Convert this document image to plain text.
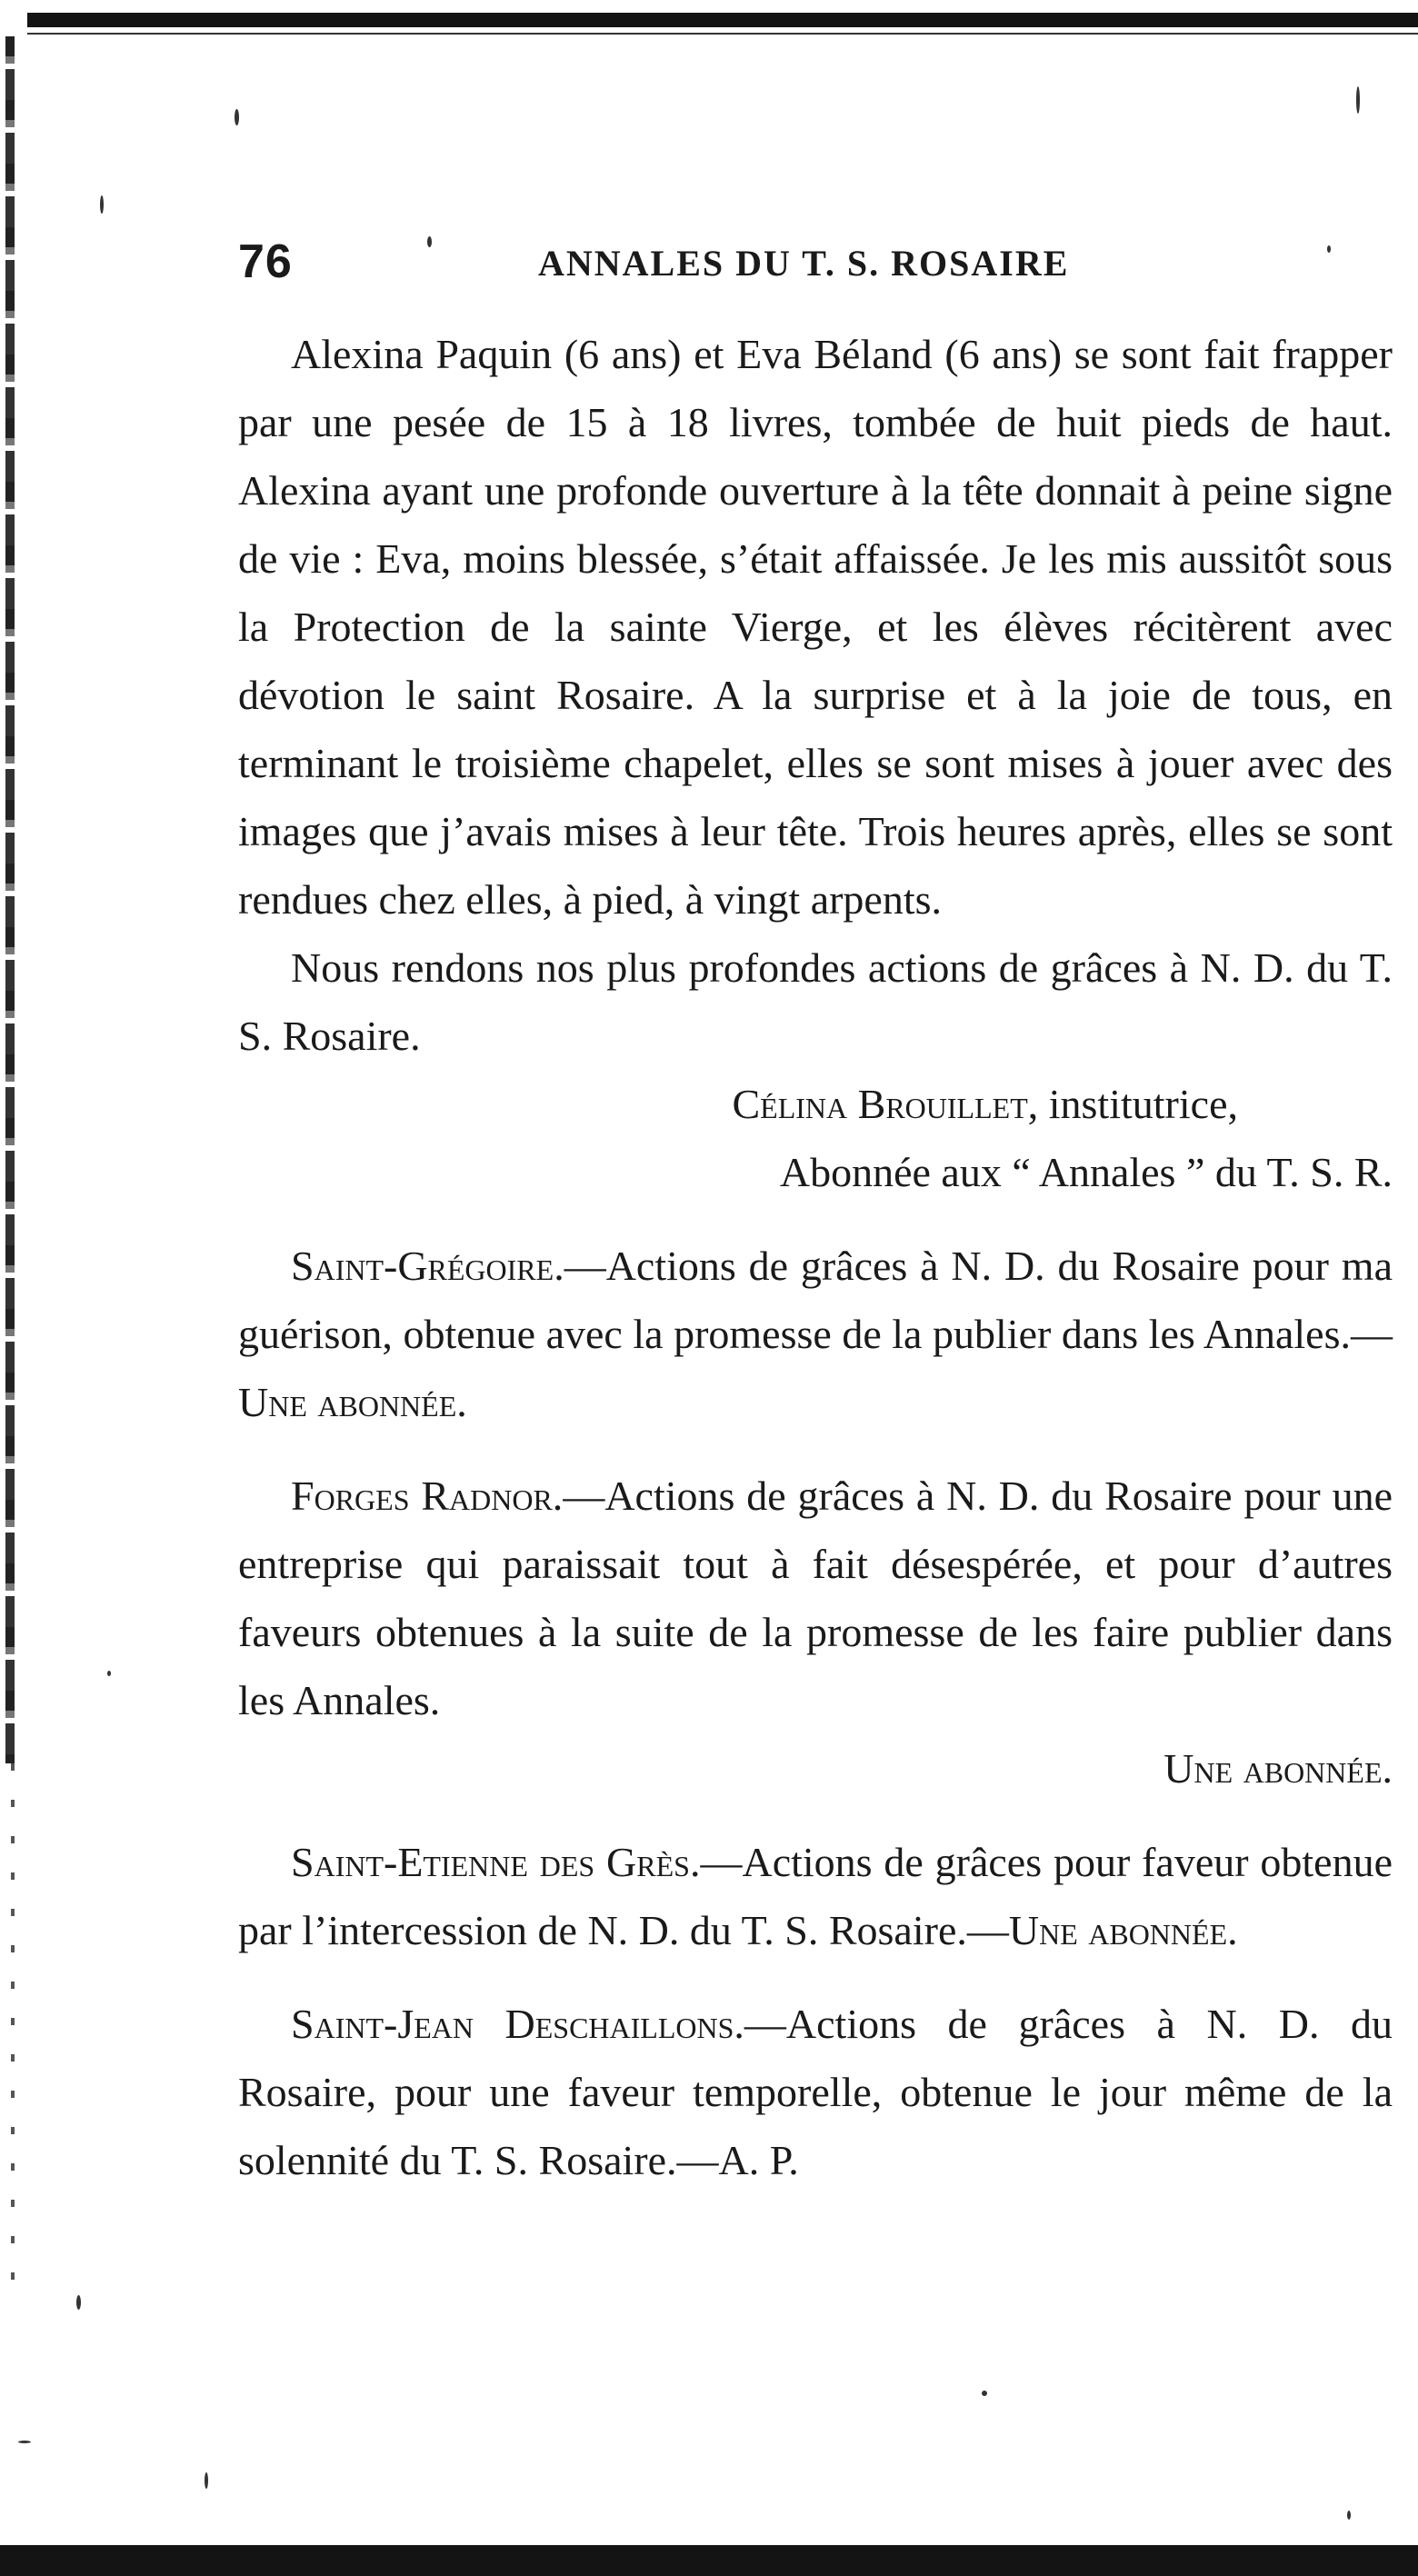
76	ANNALES DU T. S. ROSAIRE

Alexina Paquin (6 ans) et Eva Béland (6 ans) se sont fait frapper par une pesée de 15 à 18 livres, tombée de huit pieds de haut. Alexina ayant une profonde ouverture à la tête donnait à peine signe de vie : Eva, moins blessée, s’était affaissée. Je les mis aussitôt sous la Protection de la sainte Vierge, et les élèves récitèrent avec dévotion le saint Rosaire. A la surprise et à la joie de tous, en terminant le troisième chapelet, elles se sont mises à jouer avec des images que j’avais mises à leur tête. Trois heures après, elles se sont rendues chez elles, à pied, à vingt arpents.

Nous rendons nos plus profondes actions de grâces à N. D. du T. S. Rosaire.

Célina Brouillet, institutrice,

Abonnée aux “ Annales ” du T. S. R.

Saint-Grégoire.—Actions de grâces à N. D. du Rosaire pour ma guérison, obtenue avec la promesse de la publier dans les Annales.—Une abonnée.

Forges Radnor.—Actions de grâces à N. D. du Rosaire pour une entreprise qui paraissait tout à fait désespérée, et pour d’autres faveurs obtenues à la suite de la promesse de les faire publier dans les Annales.

Une abonnée.

Saint-Etienne des Grès.—Actions de grâces pour faveur obtenue par l’intercession de N. D. du T. S. Rosaire.—Une abonnée.

Saint-Jean Deschaillons.—Actions de grâces à N. D. du Rosaire, pour une faveur temporelle, obtenue le jour même de la solennité du T. S. Rosaire.—A. P.
